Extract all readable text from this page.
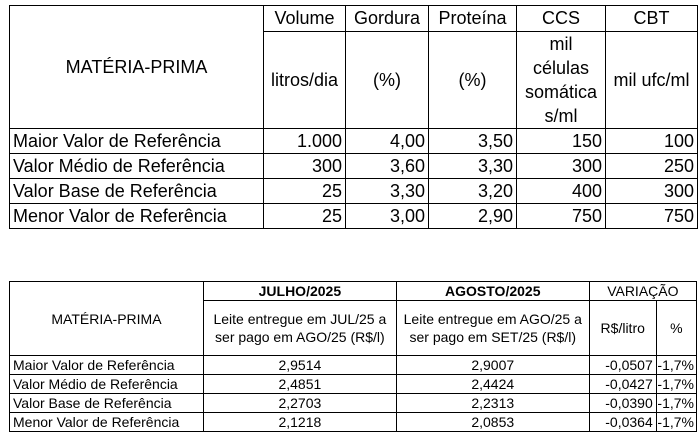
MATÉRIA-PRIMA	Volume	Gordura	Proteína	CCS	CBT
	litros/dia	(%)	(%)	mil células somática s/ml	mil ufc/ml
Maior Valor de Referência	1.000	4,00	3,50	150	100
Valor Médio de Referência	300	3,60	3,30	300	250
Valor Base de Referência	25	3,30	3,20	400	300
Menor Valor de Referência	25	3,00	2,90	750	750
MATÉRIA-PRIMA	JULHO/2025	AGOSTO/2025	VARIAÇÃO	
	Leite entregue em JUL/25 a ser pago em AGO/25 (R$/l)	Leite entregue em AGO/25 a ser pago em SET/25 (R$/l)	R$/litro	%
Maior Valor de Referência	2,9514	2,9007	-0,0507	-1,7%
Valor Médio de Referência	2,4851	2,4424	-0,0427	-1,7%
Valor Base de Referência	2,2703	2,2313	-0,0390	-1,7%
Menor Valor de Referência	2,1218	2,0853	-0,0364	-1,7%
